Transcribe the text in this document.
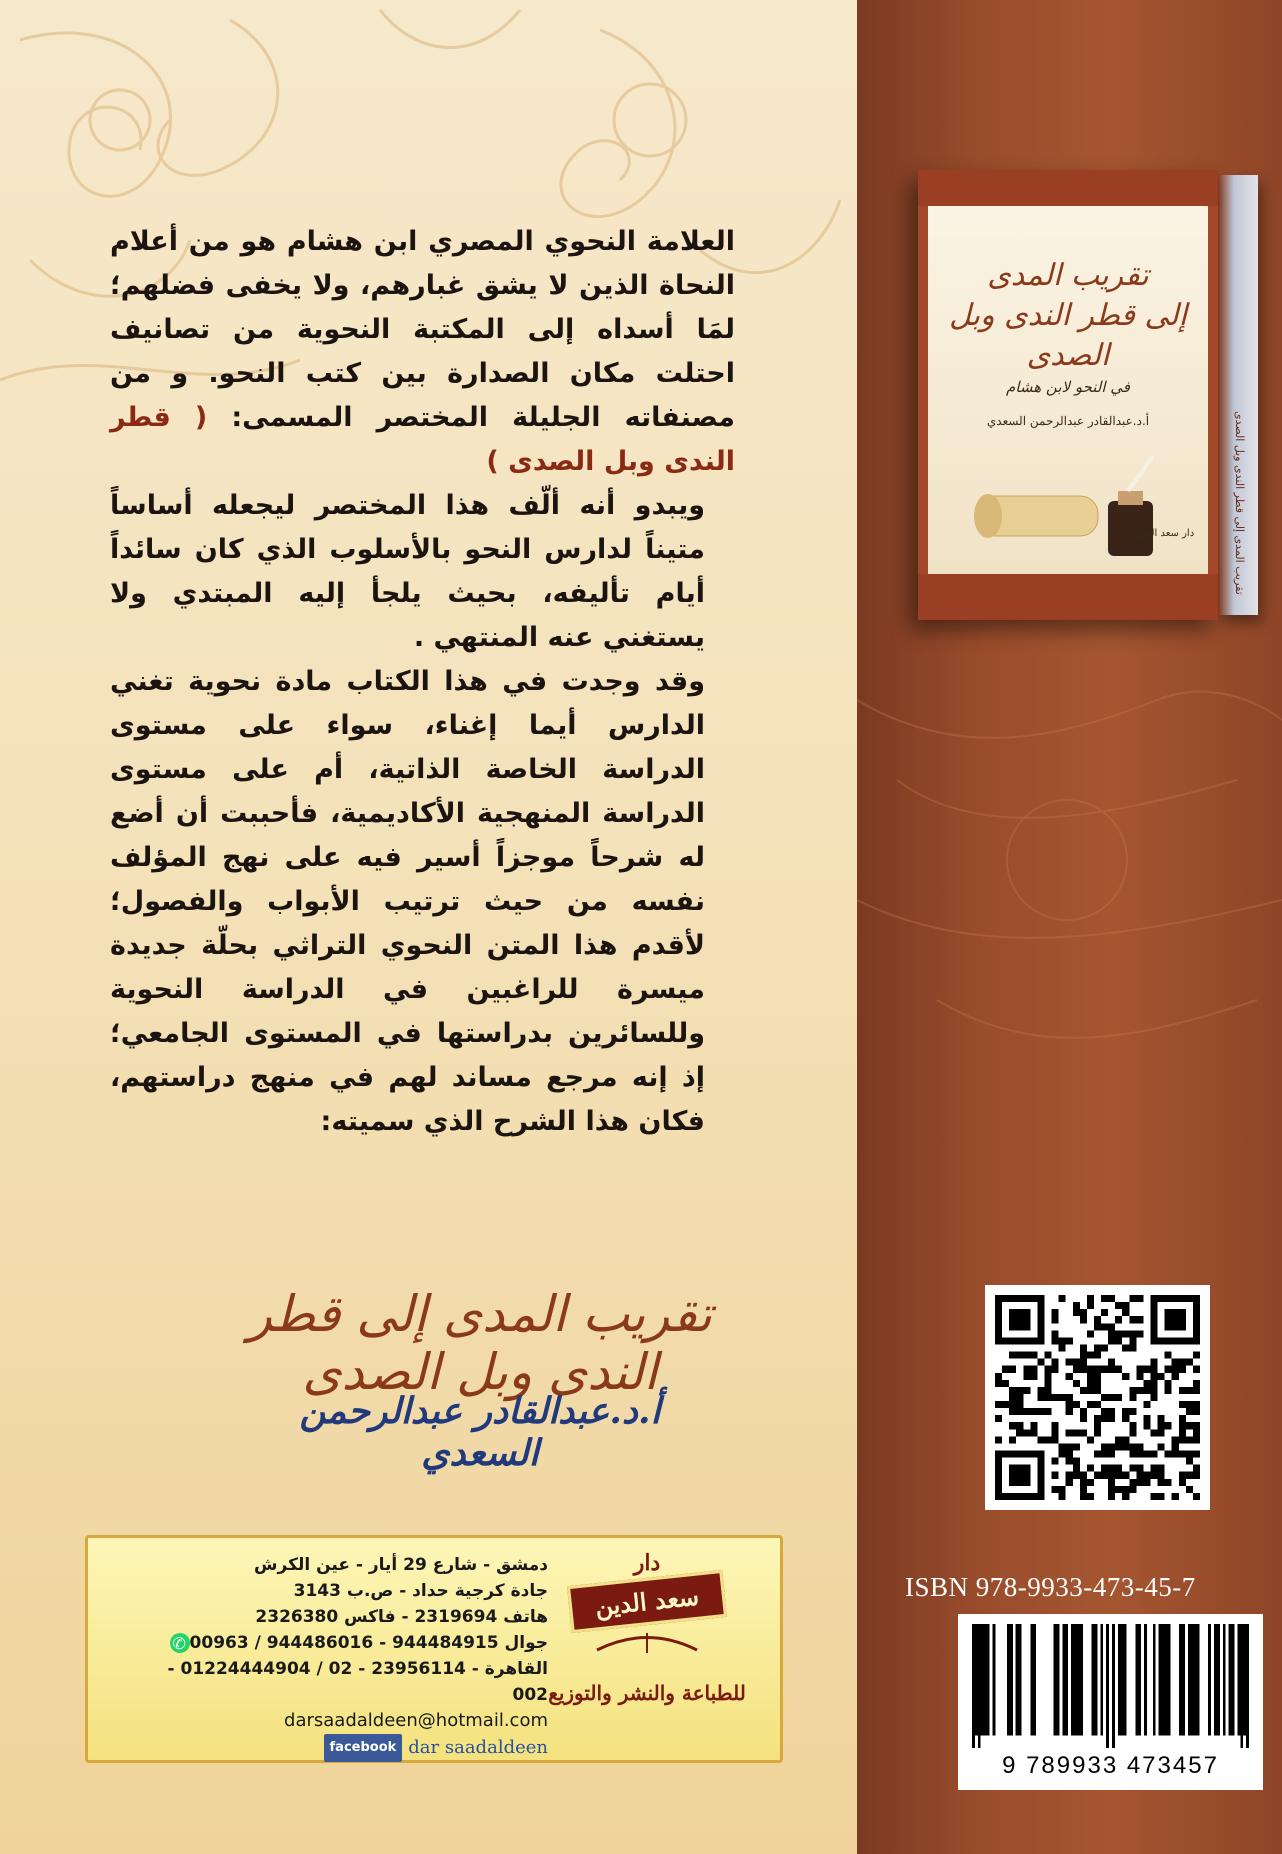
العلامة النحوي المصري ابن هشام هو من أعلام النحاة الذين لا يشق غبارهم، ولا يخفى فضلهم؛ لمَا أسداه إلى المكتبة النحوية من تصانيف احتلت مكان الصدارة بين كتب النحو. و من مصنفاته الجليلة المختصر المسمى: ( قطر الندى وبل الصدى )

ويبدو أنه ألّف هذا المختصر ليجعله أساساً متيناً لدارس النحو بالأسلوب الذي كان سائداً أيام تأليفه، بحيث يلجأ إليه المبتدي ولا يستغني عنه المنتهي .

وقد وجدت في هذا الكتاب مادة نحوية تغني الدارس أيما إغناء، سواء على مستوى الدراسة الخاصة الذاتية، أم على مستوى الدراسة المنهجية الأكاديمية، فأحببت أن أضع له شرحاً موجزاً أسير فيه على نهج المؤلف نفسه من حيث ترتيب الأبواب والفصول؛ لأقدم هذا المتن النحوي التراثي بحلّة جديدة ميسرة للراغبين في الدراسة النحوية وللسائرين بدراستها في المستوى الجامعي؛ إذ إنه مرجع مساند لهم في منهج دراستهم، فكان هذا الشرح الذي سميته:

تقريب المدى إلى قطر الندى وبل الصدى
أ.د.عبدالقادر عبدالرحمن السعدي
دمشق - شارع 29 أيار - عين الكرش
جادة كرجية حداد - ص.ب 3143
هاتف 2319694 - فاكس 2326380
جوال 944484915 - 944486016 / 00963✆
القاهرة - 23956114 - 02 / 01224444904 - 002
darsaadaldeen@hotmail.com
facebook dar saadaldeen
دار
سعد الدين
للطباعة والنشر والتوزيع
تقريب المدى إلى قطر الندى وبل الصدى
تقريب المدى
إلى قطر الندى وبل الصدى
في النحو لابن هشام
أ.د.عبدالقادر عبدالرحمن السعدي
دار سعد الدين
ISBN 978-9933-473-45-7
9 789933 473457
